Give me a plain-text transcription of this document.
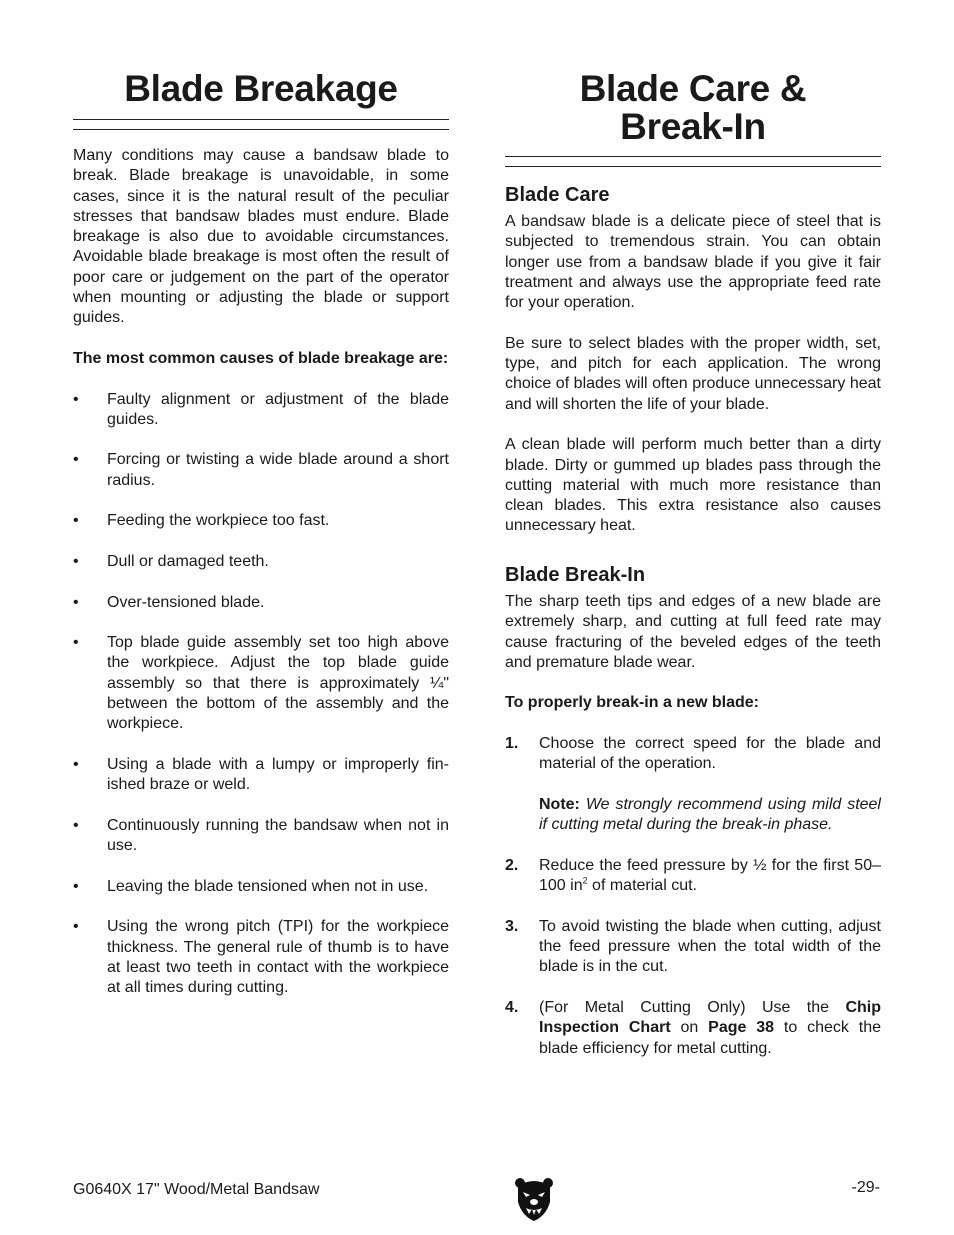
Blade Breakage

Many conditions may cause a bandsaw blade to break. Blade breakage is unavoidable, in some cases, since it is the natural result of the peculiar stresses that bandsaw blades must endure. Blade breakage is also due to avoidable circumstances. Avoidable blade breakage is most often the result of poor care or judgement on the part of the operator when mounting or adjusting the blade or support guides.

The most common causes of blade breakage are:

• Faulty alignment or adjustment of the blade guides.
• Forcing or twisting a wide blade around a short radius.
• Feeding the workpiece too fast.
• Dull or damaged teeth.
• Over-tensioned blade.
• Top blade guide assembly set too high above the workpiece. Adjust the top blade guide assembly so that there is approximately ¼" between the bottom of the assembly and the workpiece.
• Using a blade with a lumpy or improperly fin-ished braze or weld.
• Continuously running the bandsaw when not in use.
• Leaving the blade tensioned when not in use.
• Using the wrong pitch (TPI) for the workpiece thickness. The general rule of thumb is to have at least two teeth in contact with the workpiece at all times during cutting.
Blade Care &
Break-In
Blade Care

A bandsaw blade is a delicate piece of steel that is subjected to tremendous strain. You can obtain longer use from a bandsaw blade if you give it fair treatment and always use the appropriate feed rate for your operation.

Be sure to select blades with the proper width, set, type, and pitch for each application. The wrong choice of blades will often produce unnecessary heat and will shorten the life of your blade.

A clean blade will perform much better than a dirty blade. Dirty or gummed up blades pass through the cutting material with much more resistance than clean blades. This extra resistance also causes unnecessary heat.

Blade Break-In

The sharp teeth tips and edges of a new blade are extremely sharp, and cutting at full feed rate may cause fracturing of the beveled edges of the teeth and premature blade wear.

To properly break-in a new blade:

1. Choose the correct speed for the blade and material of the operation.
Note: We strongly recommend using mild steel if cutting metal during the break-in phase.
2. Reduce the feed pressure by ½ for the first 50–100 $in^2$ of material cut.
3. To avoid twisting the blade when cutting, adjust the feed pressure when the total width of the blade is in the cut.
4. (For Metal Cutting Only) Use the Chip Inspection Chart on Page 38 to check the blade efficiency for metal cutting.
G0640X 17" Wood/Metal Bandsaw	-29-
